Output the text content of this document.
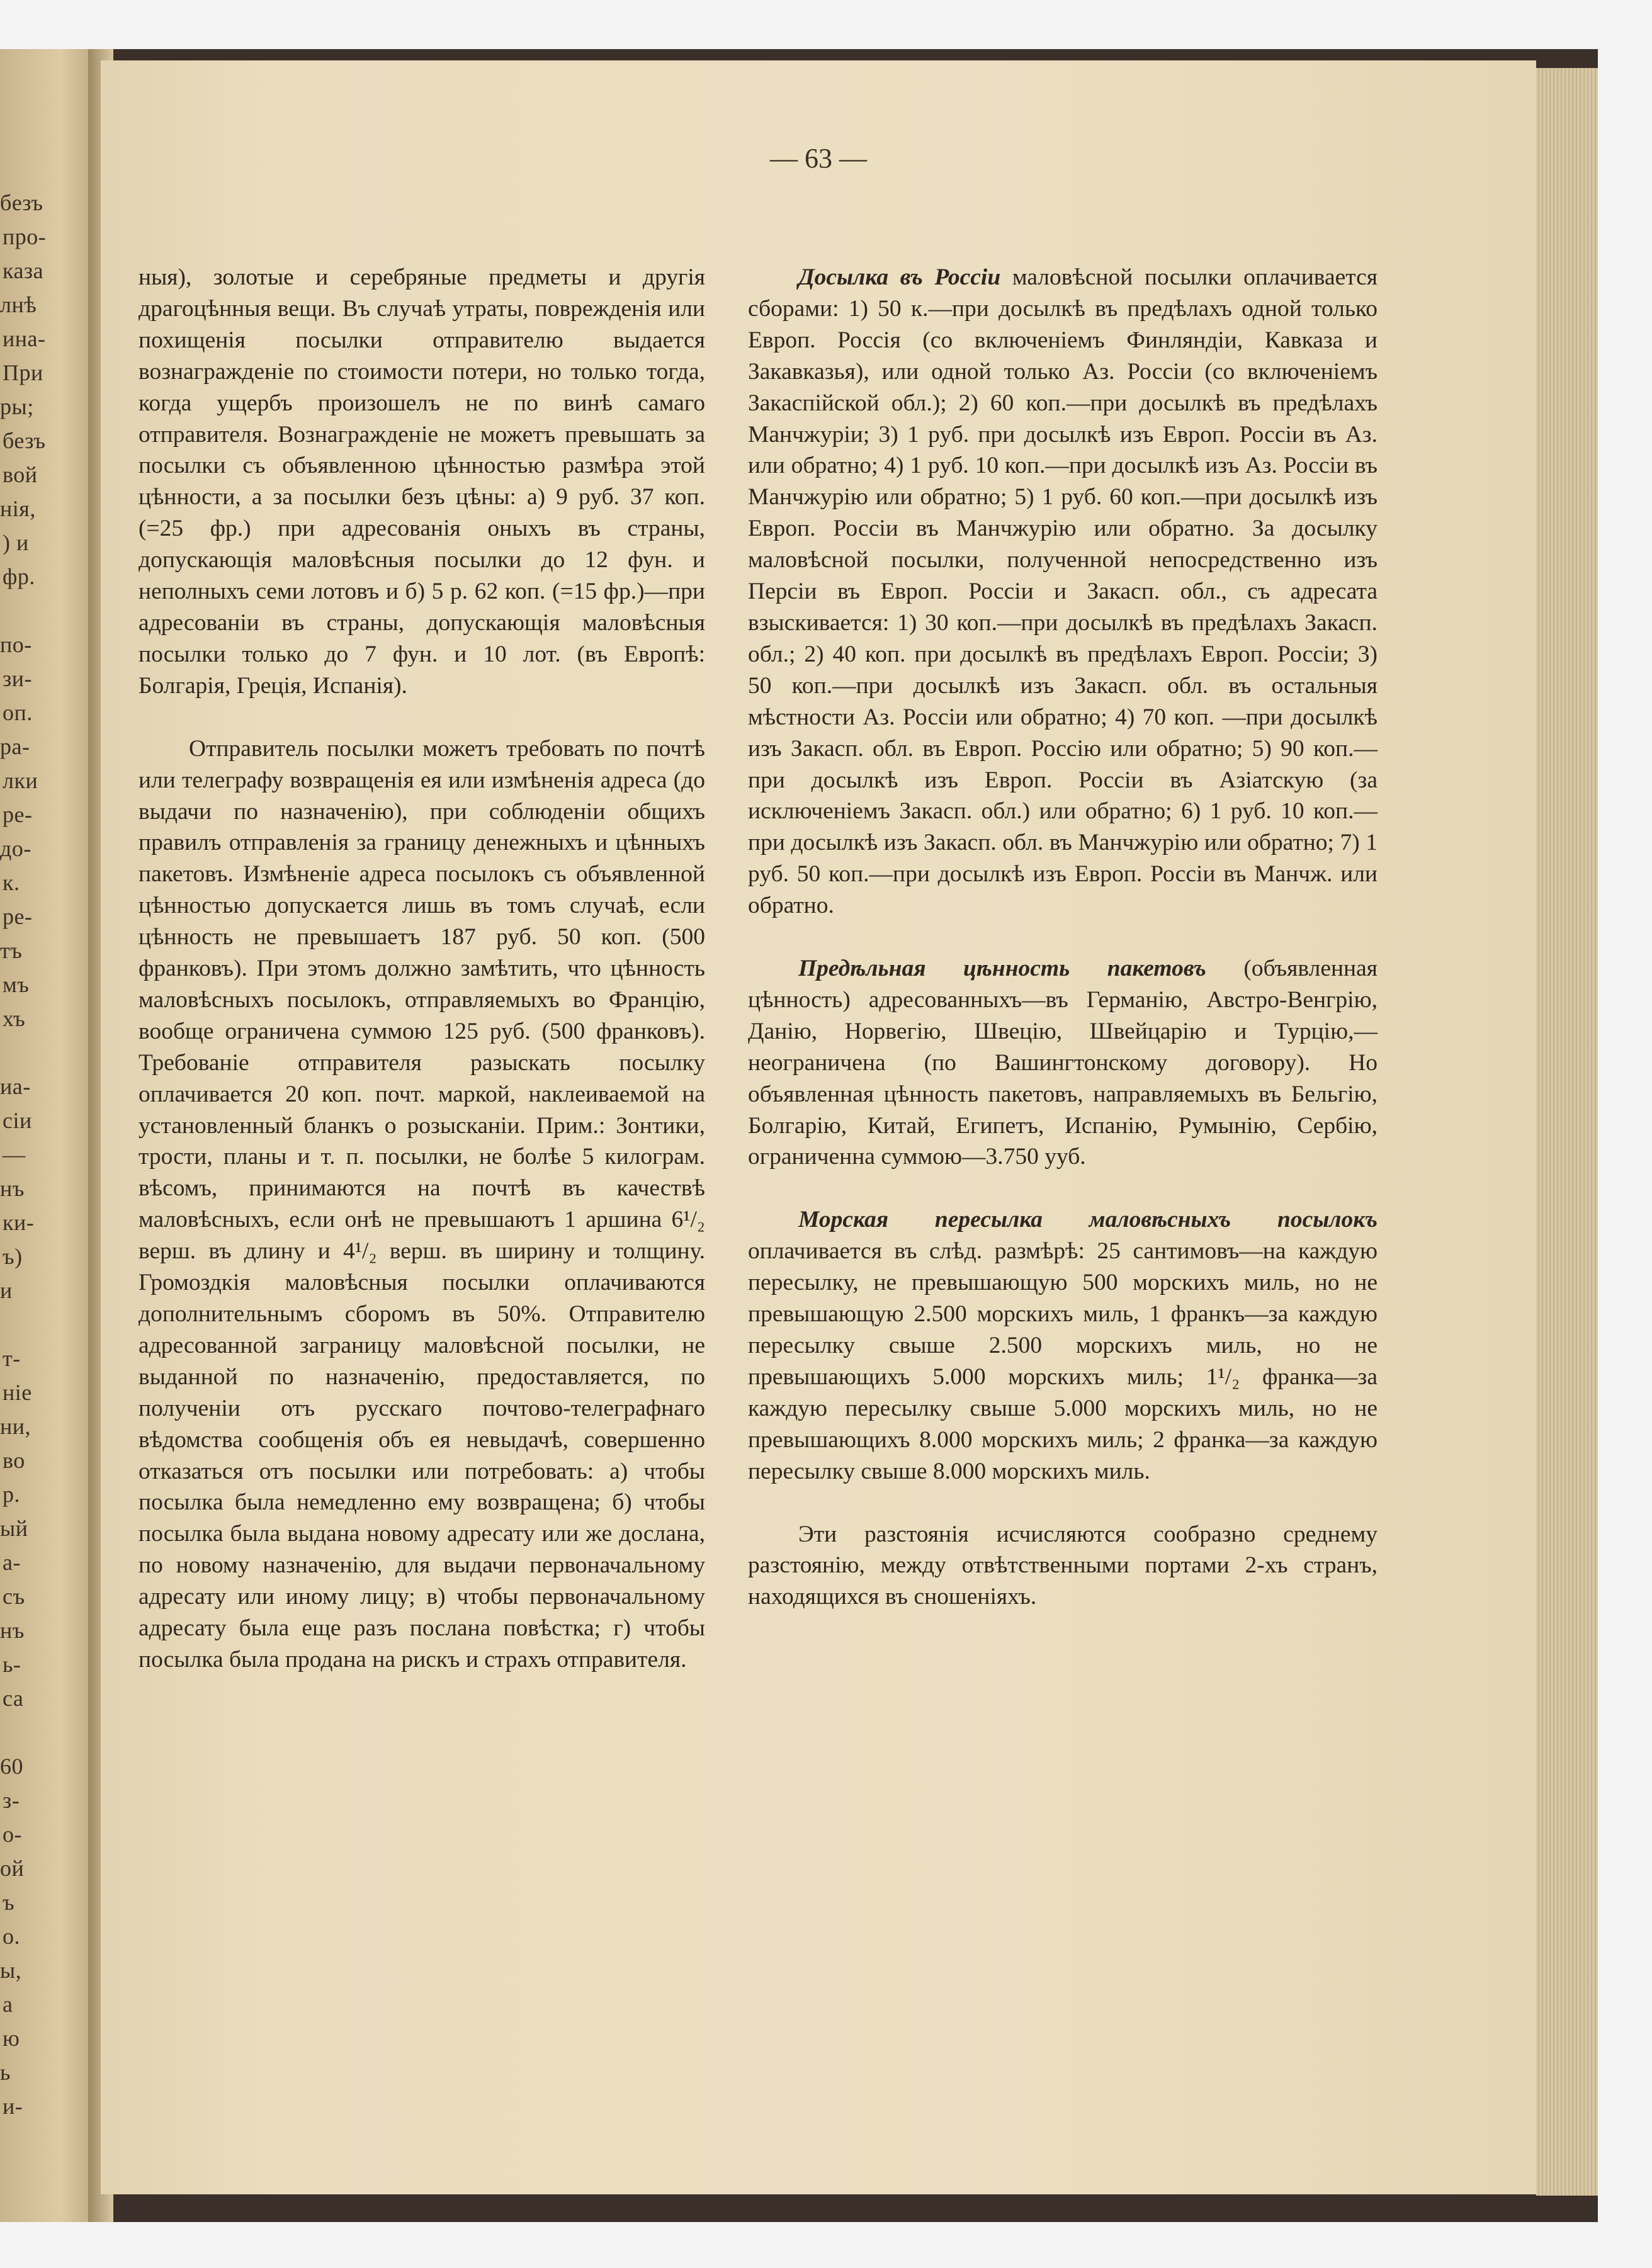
бeзъ
про-
каза
лнѣ
ина-
При
ры;
безъ
вой
нія,
) и
фр.
по-
зи-
оп.
ра-
лки
ре-
до-
к.
ре-
тъ
мъ
хъ
иа-
сіи
—
нъ
ки-
ъ)
и
т-
ніе
ни,
во
р.
ый
а-
съ
нъ
ь-
са
60
з-
о-
ой
ъ
о.
ы,
а
ю
ь
и-
— 63 —

ныя), золотые и серебряные предметы и другія драгоцѣнныя вещи. Въ случаѣ утраты, поврежденія или похищенія посылки отправителю выдается вознагражденіе по стоимости потери, но только тогда, когда ущербъ произошелъ не по винѣ самаго отправителя. Вознагражденіе не можетъ превышать за посылки съ объявленною цѣнностью размѣра этой цѣнности, а за посылки безъ цѣны: а) 9 руб. 37 коп. (=25 фр.) при адресованія оныхъ въ страны, допускающія маловѣсныя посылки до 12 фун. и неполныхъ семи лотовъ и б) 5 р. 62 коп. (=15 фр.)—при адресованіи въ страны, допускающія маловѣсныя посылки только до 7 фун. и 10 лот. (въ Европѣ: Болгарія, Грецiя, Испанія).

Отправитель посылки можетъ требовать по почтѣ или телеграфу возвращенія ея или измѣненія адреса (до выдачи по назначенію), при соблюденіи общихъ правилъ отправленія за границу денежныхъ и цѣнныхъ пакетовъ. Измѣненіе адреса посылокъ съ объявленной цѣнностью допускается лишь въ томъ случаѣ, если цѣнность не превышаетъ 187 руб. 50 коп. (500 франковъ). При этомъ должно замѣтить, что цѣнность маловѣсныхъ посылокъ, отправляемыхъ во Францію, вообще ограничена суммою 125 руб. (500 франковъ). Требованіе отправителя разыскать посылку оплачивается 20 коп. почт. маркой, наклеиваемой на установленный бланкъ о розысканіи. Прим.: Зонтики, трости, планы и т. п. посылки, не болѣе 5 килограм. вѣсомъ, принимаются на почтѣ въ качествѣ маловѣсныхъ, если онѣ не превышаютъ 1 аршина 6¹/₂ верш. въ длину и 4¹/₂ верш. въ ширину и толщину. Громоздкія маловѣсныя посылки оплачиваются дополнительнымъ сборомъ въ 50%. Отправителю адресованной заграницу маловѣсной посылки, не выданной по назначенію, предоставляется, по полученіи отъ русскаго почтово-телеграфнаго вѣдомства сообщенія объ ея невыдачѣ, совершенно отказаться отъ посылки или потребовать: а) чтобы посылка была немедленно ему возвращена; б) чтобы посылка была выдана новому адресату или же дослана, по новому назначенію, для выдачи первоначальному адресату или иному лицу; в) чтобы первоначальному адресату была еще разъ послана повѣстка; г) чтобы посылка была продана на рискъ и страхъ отправителя.

Досылка въ Россіи маловѣсной посылки оплачивается сборами: 1) 50 к.—при досылкѣ въ предѣлахъ одной только Европ. Россія (со включеніемъ Финляндіи, Кавказа и Закавказья), или одной только Аз. Россіи (со включеніемъ Закаспійской обл.); 2) 60 коп.—при досылкѣ въ предѣлахъ Манчжуріи; 3) 1 руб. при досылкѣ изъ Европ. Россіи въ Аз. или обратно; 4) 1 руб. 10 коп.—при досылкѣ изъ Аз. Россіи въ Манчжурію или обратно; 5) 1 руб. 60 коп.—при досылкѣ изъ Европ. Россіи въ Манчжурію или обратно. За досылку маловѣсной посылки, полученной непосредственно изъ Персіи въ Европ. Россіи и Закасп. обл., съ адресата взыскивается: 1) 30 коп.—при досылкѣ въ предѣлахъ Закасп. обл.; 2) 40 коп. при досылкѣ въ предѣлахъ Европ. Россіи; 3) 50 коп.—при досылкѣ изъ Закасп. обл. въ остальныя мѣстности Аз. Россіи или обратно; 4) 70 коп. —при досылкѣ изъ Закасп. обл. въ Европ. Россію или обратно; 5) 90 коп.—при досылкѣ изъ Европ. Россіи въ Азіатскую (за исключеніемъ Закасп. обл.) или обратно; 6) 1 руб. 10 коп.—при досылкѣ изъ Закасп. обл. въ Манчжурію или обратно; 7) 1 руб. 50 коп.—при досылкѣ изъ Европ. Россіи въ Манчж. или обратно.

Предѣльная цѣнность пакетовъ (объявленная цѣнность) адресованныхъ—въ Германію, Австро-Венгрію, Данію, Норвегію, Швецію, Швейцарію и Турцію,—неограничена (по Вашингтонскому договору). Но объявленная цѣнность пакетовъ, направляемыхъ въ Бельгію, Болгарію, Китай, Египетъ, Испанію, Румынію, Сербію, ограниченна суммою—3.750 ууб.

Морская пересылка маловѣсныхъ посылокъ оплачивается въ слѣд. размѣрѣ: 25 сантимовъ—на каждую пересылку, не превышающую 500 морскихъ миль, но не превышающую 2.500 морскихъ миль, 1 франкъ—за каждую пересылку свыше 2.500 морскихъ миль, но не превышающихъ 5.000 морскихъ миль; 1¹/₂ франка—за каждую пересылку свыше 5.000 морскихъ миль, но не превышающихъ 8.000 морскихъ миль; 2 франка—за каждую пересылку свыше 8.000 морскихъ миль.

Эти разстоянія исчисляются сообразно среднему разстоянію, между отвѣтственными портами 2-хъ странъ, находящихся въ сношеніяхъ.
